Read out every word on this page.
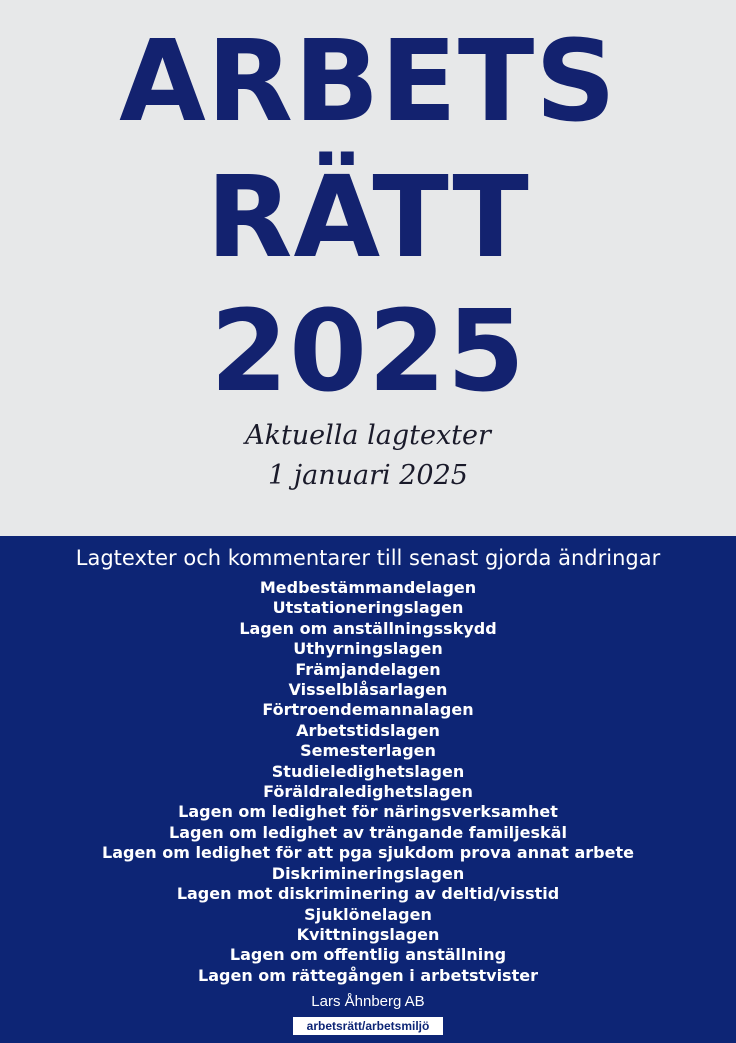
ARBETS
RÄTT
2025

Aktuella lagtexter

1 januari 2025

Lagtexter och kommentarer till senast gjorda ändringar

Medbestämmandelagen
Utstationeringslagen
Lagen om anställningsskydd
Uthyrningslagen
Främjandelagen
Visselblåsarlagen
Förtroendemannalagen
Arbetstidslagen
Semesterlagen
Studieledighetslagen
Föräldraledighetslagen
Lagen om ledighet för näringsverksamhet
Lagen om ledighet av trängande familjeskäl
Lagen om ledighet för att pga sjukdom prova annat arbete
Diskrimineringslagen
Lagen mot diskriminering av deltid/visstid
Sjuklönelagen
Kvittningslagen
Lagen om offentlig anställning
Lagen om rättegången i arbetstvister

Lars Åhnberg AB

arbetsrätt/arbetsmiljö
